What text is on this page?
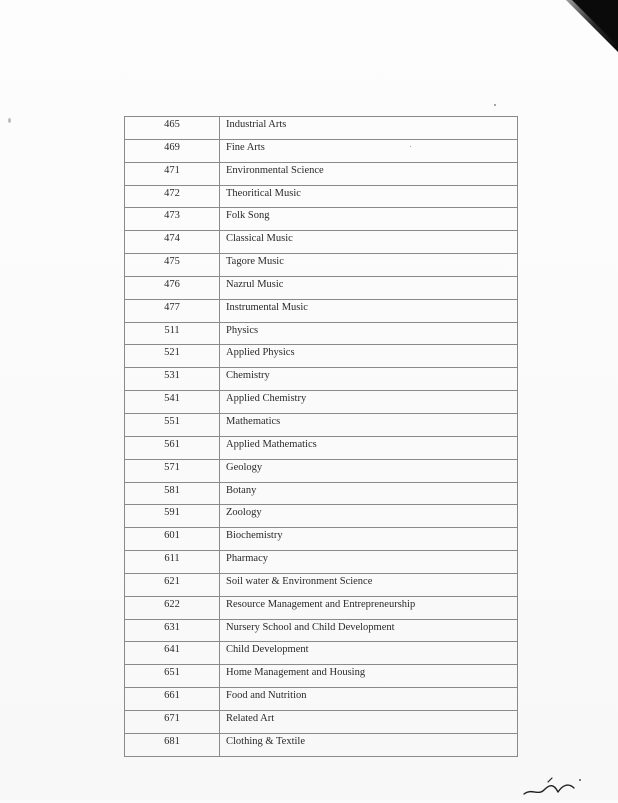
465	Industrial Arts
469	Fine Arts
471	Environmental Science
472	Theoritical Music
473	Folk Song
474	Classical Music
475	Tagore Music
476	Nazrul Music
477	Instrumental Music
511	Physics
521	Applied Physics
531	Chemistry
541	Applied Chemistry
551	Mathematics
561	Applied Mathematics
571	Geology
581	Botany
591	Zoology
601	Biochemistry
611	Pharmacy
621	Soil water & Environment Science
622	Resource Management and Entrepreneurship
631	Nursery School and Child Development
641	Child Development
651	Home Management and Housing
661	Food and Nutrition
671	Related Art
681	Clothing & Textile
